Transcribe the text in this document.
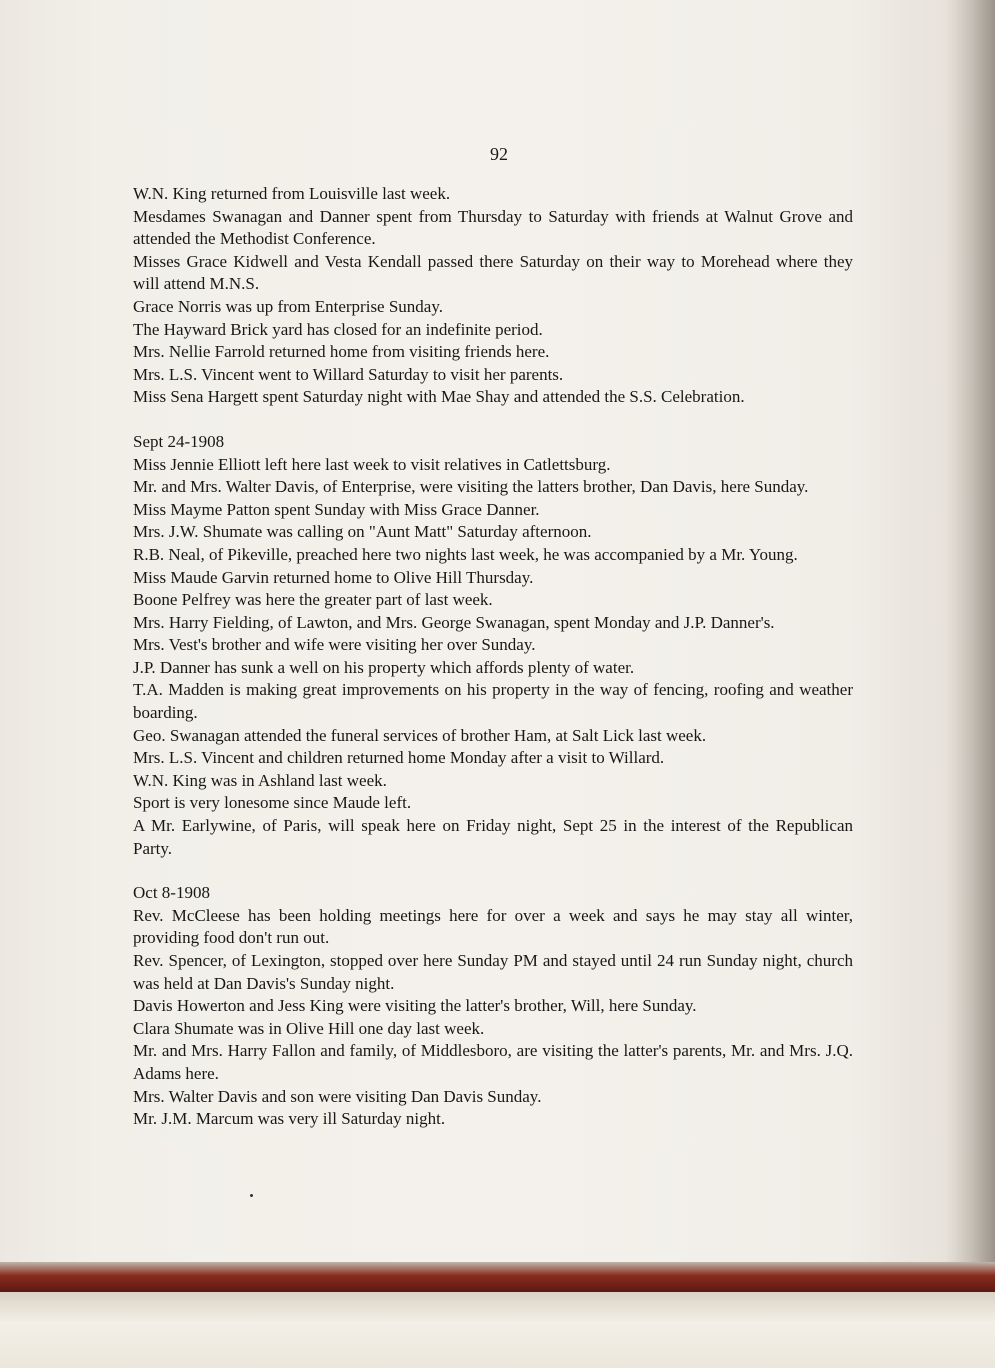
92

W.N. King returned from Louisville last week.

Mesdames Swanagan and Danner spent from Thursday to Saturday with friends at Walnut Grove and attended the Methodist Conference.

Misses Grace Kidwell and Vesta Kendall passed there Saturday on their way to Morehead where they will attend M.N.S.

Grace Norris was up from Enterprise Sunday.

The Hayward Brick yard has closed for an indefinite period.

Mrs. Nellie Farrold returned home from visiting friends here.

Mrs. L.S. Vincent went to Willard Saturday to visit her parents.

Miss Sena Hargett spent Saturday night with Mae Shay and attended the S.S. Celebration.

Sept 24-1908

Miss Jennie Elliott left here last week to visit relatives in Catlettsburg.

Mr. and Mrs. Walter Davis, of Enterprise, were visiting the latters brother, Dan Davis, here Sunday.

Miss Mayme Patton spent Sunday with Miss Grace Danner.

Mrs. J.W. Shumate was calling on "Aunt Matt" Saturday afternoon.

R.B. Neal, of Pikeville, preached here two nights last week, he was accompanied by a Mr. Young.

Miss Maude Garvin returned home to Olive Hill Thursday.

Boone Pelfrey was here the greater part of last week.

Mrs. Harry Fielding, of Lawton, and Mrs. George Swanagan, spent Monday and J.P. Danner's.

Mrs. Vest's brother and wife were visiting her over Sunday.

J.P. Danner has sunk a well on his property which affords plenty of water.

T.A. Madden is making great improvements on his property in the way of fencing, roofing and weather boarding.

Geo. Swanagan attended the funeral services of brother Ham, at Salt Lick last week.

Mrs. L.S. Vincent and children returned home Monday after a visit to Willard.

W.N. King was in Ashland last week.

Sport is very lonesome since Maude left.

A Mr. Earlywine, of Paris, will speak here on Friday night, Sept 25 in the interest of the Republican Party.

Oct 8-1908

Rev. McCleese has been holding meetings here for over a week and says he may stay all winter, providing food don't run out.

Rev. Spencer, of Lexington, stopped over here Sunday PM and stayed until 24 run Sunday night, church was held at Dan Davis's Sunday night.

Davis Howerton and Jess King were visiting the latter's brother, Will, here Sunday.

Clara Shumate was in Olive Hill one day last week.

Mr. and Mrs. Harry Fallon and family, of Middlesboro, are visiting the latter's parents, Mr. and Mrs. J.Q. Adams here.

Mrs. Walter Davis and son were visiting Dan Davis Sunday.

Mr. J.M. Marcum was very ill Saturday night.
